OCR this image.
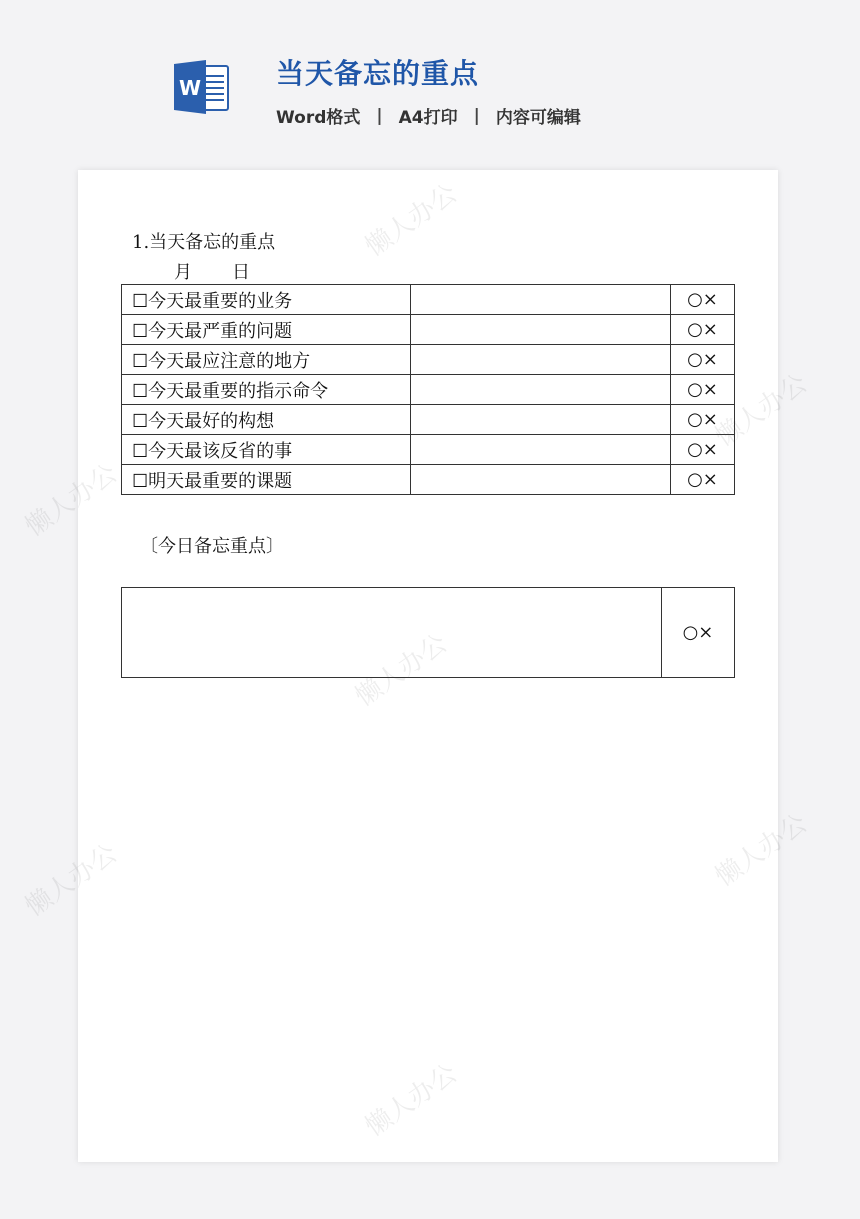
W	当天备忘的重点
Word格式 | A4打印 | 内容可编辑
懒人办公
懒人办公
懒人办公
懒人办公
懒人办公	懒人办公
懒人办公
1.当天备忘的重点
月 日
☐今天最重要的业务		○×
☐今天最严重的问题		○×
☐今天最应注意的地方		○×
☐今天最重要的指示命令		○×
☐今天最好的构想		○×
☐今天最该反省的事		○×
☐明天最重要的课题		○×
〔今日备忘重点〕
○×
